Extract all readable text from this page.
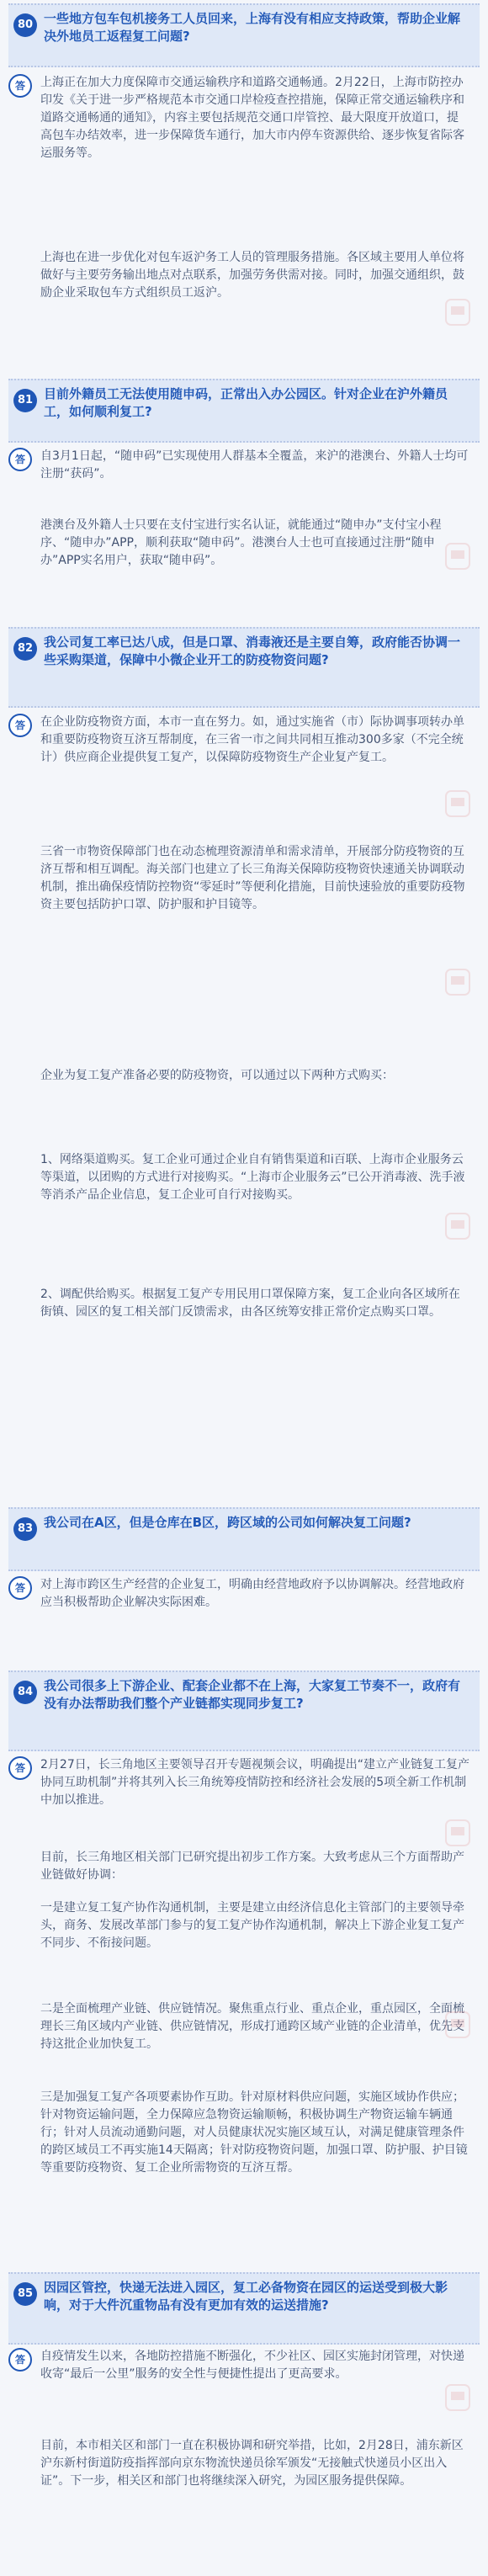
80 一些地方包车包机接务工人员回来，上海有没有相应支持政策，帮助企业解决外地员工返程复工问题?
答	上海正在加大力度保障市交通运输秩序和道路交通畅通。2月22日，上海市防控办印发《关于进一步严格规范本市交通口岸检疫查控措施，保障正常交通运输秩序和道路交通畅通的通知》，内容主要包括规范交通口岸管控、最大限度开放道口，提高包车办结效率，进一步保障货车通行，加大市内停车资源供给、逐步恢复省际客运服务等。
上海也在进一步优化对包车返沪务工人员的管理服务措施。各区域主要用人单位将做好与主要劳务输出地点对点联系，加强劳务供需对接。同时，加强交通组织，鼓励企业采取包车方式组织员工返沪。
81 目前外籍员工无法使用随申码，正常出入办公园区。针对企业在沪外籍员工，如何顺利复工?
答	自3月1日起，“随申码”已实现使用人群基本全覆盖，来沪的港澳台、外籍人士均可注册“获码”。
港澳台及外籍人士只要在支付宝进行实名认证，就能通过“随申办”支付宝小程序、“随申办”APP，顺利获取“随申码”。港澳台人士也可直接通过注册“随申办”APP实名用户，获取“随申码”。
82 我公司复工率已达八成，但是口罩、消毒液还是主要自筹，政府能否协调一些采购渠道，保障中小微企业开工的防疫物资问题?
答	在企业防疫物资方面，本市一直在努力。如，通过实施省（市）际协调事项转办单和重要防疫物资互济互帮制度，在三省一市之间共同相互推动300多家（不完全统计）供应商企业提供复工复产，以保障防疫物资生产企业复产复工。
三省一市物资保障部门也在动态梳理资源清单和需求清单，开展部分防疫物资的互济互帮和相互调配。海关部门也建立了长三角海关保障防疫物资快速通关协调联动机制，推出确保疫情防控物资“零延时”等便利化措施，目前快速验放的重要防疫物资主要包括防护口罩、防护服和护目镜等。
企业为复工复产准备必要的防疫物资，可以通过以下两种方式购买：
1、网络渠道购买。复工企业可通过企业自有销售渠道和i百联、上海市企业服务云等渠道，以团购的方式进行对接购买。“上海市企业服务云”已公开消毒液、洗手液等消杀产品企业信息，复工企业可自行对接购买。
2、调配供给购买。根据复工复产专用民用口罩保障方案，复工企业向各区域所在街镇、园区的复工相关部门反馈需求，由各区统筹安排正常价定点购买口罩。
83 我公司在A区，但是仓库在B区，跨区域的公司如何解决复工问题?
答	对上海市跨区生产经营的企业复工，明确由经营地政府予以协调解决。经营地政府应当积极帮助企业解决实际困难。
84 我公司很多上下游企业、配套企业都不在上海，大家复工节奏不一，政府有没有办法帮助我们整个产业链都实现同步复工?
答	2月27日，长三角地区主要领导召开专题视频会议，明确提出“建立产业链复工复产协同互助机制”并将其列入长三角统筹疫情防控和经济社会发展的5项全新工作机制中加以推进。
目前，长三角地区相关部门已研究提出初步工作方案。大致考虑从三个方面帮助产业链做好协调：
一是建立复工复产协作沟通机制，主要是建立由经济信息化主管部门的主要领导牵头，商务、发展改革部门参与的复工复产协作沟通机制，解决上下游企业复工复产不同步、不衔接问题。
二是全面梳理产业链、供应链情况。聚焦重点行业、重点企业，重点园区，全面梳理长三角区域内产业链、供应链情况，形成打通跨区域产业链的企业清单，优先支持这批企业加快复工。
三是加强复工复产各项要素协作互助。针对原材料供应问题，实施区域协作供应；针对物资运输问题，全力保障应急物资运输顺畅，积极协调生产物资运输车辆通行；针对人员流动通勤问题，对人员健康状况实施区域互认，对满足健康管理条件的跨区域员工不再实施14天隔离；针对防疫物资问题，加强口罩、防护服、护目镜等重要防疫物资、复工企业所需物资的互济互帮。
85 因园区管控，快递无法进入园区，复工必备物资在园区的运送受到极大影响，对于大件沉重物品有没有更加有效的运送措施?
答	自疫情发生以来，各地防控措施不断强化，不少社区、园区实施封闭管理，对快递收寄“最后一公里”服务的安全性与便捷性提出了更高要求。
目前，本市相关区和部门一直在积极协调和研究举措，比如，2月28日，浦东新区沪东新村街道防疫指挥部向京东物流快递员徐军颁发“无接触式快递员小区出入证”。下一步，相关区和部门也将继续深入研究，为园区服务提供保障。
